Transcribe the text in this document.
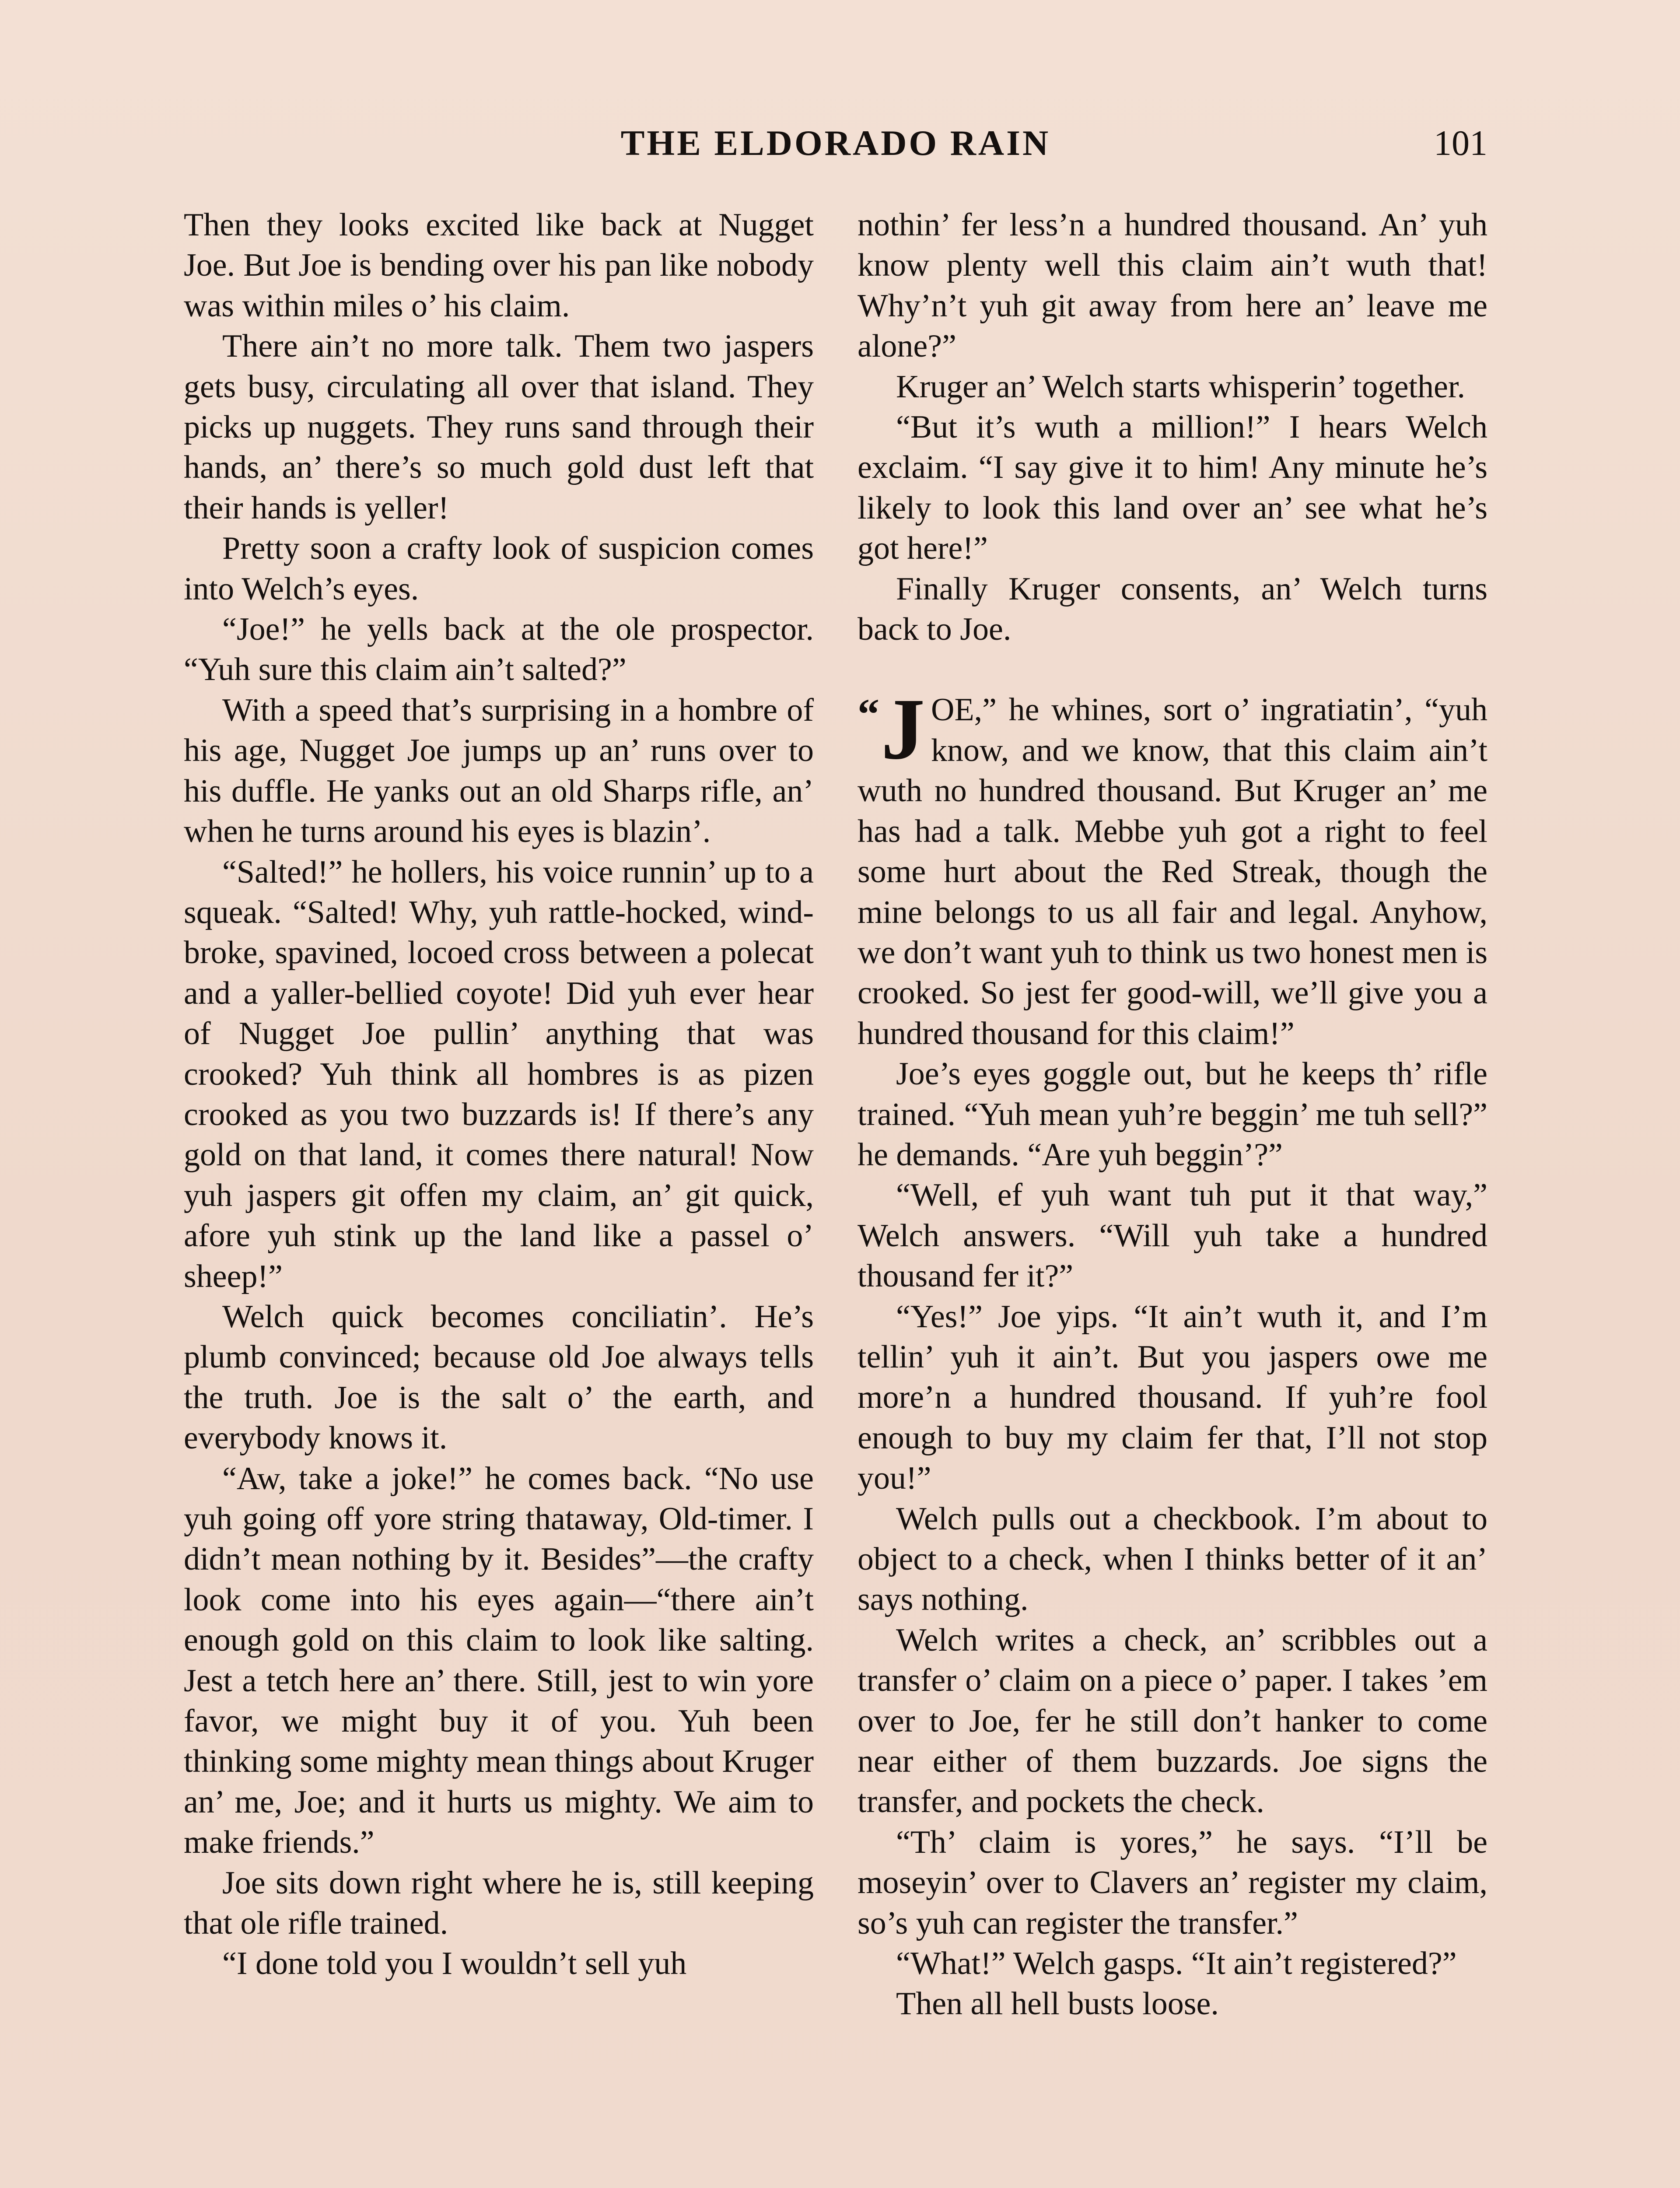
THE ELDORADO RAIN	101

Then they looks excited like back at Nugget Joe. But Joe is bending over his pan like nobody was within miles o’ his claim.

There ain’t no more talk. Them two jaspers gets busy, circulating all over that island. They picks up nuggets. They runs sand through their hands, an’ there’s so much gold dust left that their hands is yeller!

Pretty soon a crafty look of suspicion comes into Welch’s eyes.

“Joe!” he yells back at the ole prospector. “Yuh sure this claim ain’t salted?”

With a speed that’s surprising in a hombre of his age, Nugget Joe jumps up an’ runs over to his duffle. He yanks out an old Sharps rifle, an’ when he turns around his eyes is blazin’.

“Salted!” he hollers, his voice runnin’ up to a squeak. “Salted! Why, yuh rattle-hocked, wind-broke, spavined, locoed cross between a polecat and a yaller-bellied coyote! Did yuh ever hear of Nugget Joe pullin’ anything that was crooked? Yuh think all hombres is as pizen crooked as you two buzzards is! If there’s any gold on that land, it comes there natural! Now yuh jaspers git offen my claim, an’ git quick, afore yuh stink up the land like a passel o’ sheep!”

Welch quick becomes conciliatin’. He’s plumb convinced; because old Joe always tells the truth. Joe is the salt o’ the earth, and everybody knows it.

“Aw, take a joke!” he comes back. “No use yuh going off yore string thataway, Old-timer. I didn’t mean nothing by it. Besides”—the crafty look come into his eyes again—“there ain’t enough gold on this claim to look like salting. Jest a tetch here an’ there. Still, jest to win yore favor, we might buy it of you. Yuh been thinking some mighty mean things about Kruger an’ me, Joe; and it hurts us mighty. We aim to make friends.”

Joe sits down right where he is, still keeping that ole rifle trained.

“I done told you I wouldn’t sell yuh

nothin’ fer less’n a hundred thousand. An’ yuh know plenty well this claim ain’t wuth that! Why’n’t yuh git away from here an’ leave me alone?”

Kruger an’ Welch starts whisperin’ together.

“But it’s wuth a million!” I hears Welch exclaim. “I say give it to him! Any minute he’s likely to look this land over an’ see what he’s got here!”

Finally Kruger consents, an’ Welch turns back to Joe.

“J OE,” he whines, sort o’ ingratiatin’, “yuh know, and we know, that this claim ain’t wuth no hundred thousand. But Kruger an’ me has had a talk. Mebbe yuh got a right to feel some hurt about the Red Streak, though the mine belongs to us all fair and legal. Anyhow, we don’t want yuh to think us two honest men is crooked. So jest fer good-will, we’ll give you a hundred thousand for this claim!”

Joe’s eyes goggle out, but he keeps th’ rifle trained. “Yuh mean yuh’re beggin’ me tuh sell?” he demands. “Are yuh beggin’?”

“Well, ef yuh want tuh put it that way,” Welch answers. “Will yuh take a hundred thousand fer it?”

“Yes!” Joe yips. “It ain’t wuth it, and I’m tellin’ yuh it ain’t. But you jaspers owe me more’n a hundred thousand. If yuh’re fool enough to buy my claim fer that, I’ll not stop you!”

Welch pulls out a checkbook. I’m about to object to a check, when I thinks better of it an’ says nothing.

Welch writes a check, an’ scribbles out a transfer o’ claim on a piece o’ paper. I takes ’em over to Joe, fer he still don’t hanker to come near either of them buzzards. Joe signs the transfer, and pockets the check.

“Th’ claim is yores,” he says. “I’ll be moseyin’ over to Clavers an’ register my claim, so’s yuh can register the transfer.”

“What!” Welch gasps. “It ain’t registered?”

Then all hell busts loose.
